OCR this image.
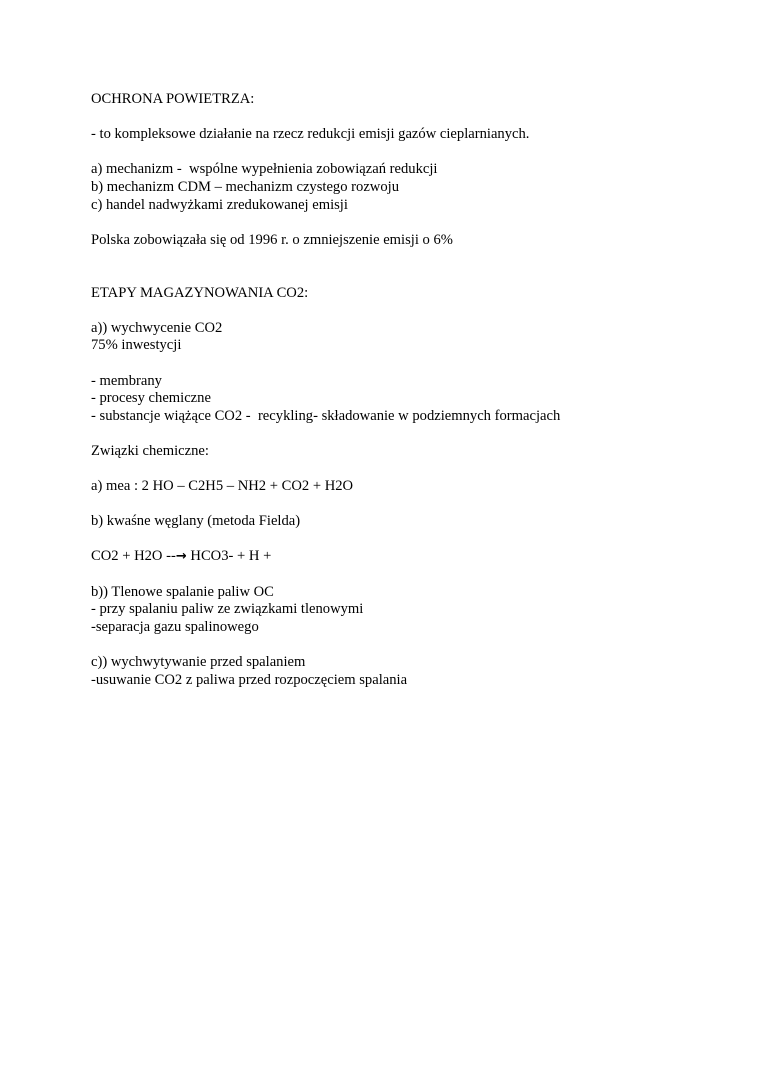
OCHRONA POWIETRZA:
- to kompleksowe działanie na rzecz redukcji emisji gazów cieplarnianych.
a) mechanizm -  wspólne wypełnienia zobowiązań redukcji
b) mechanizm CDM – mechanizm czystego rozwoju
c) handel nadwyżkami zredukowanej emisji
Polska zobowiązała się od 1996 r. o zmniejszenie emisji o 6%
ETAPY MAGAZYNOWANIA CO2:
a)) wychwycenie CO2
75% inwestycji
- membrany
- procesy chemiczne
- substancje wiążące CO2 -  recykling- składowanie w podziemnych formacjach
Związki chemiczne:
a) mea : 2 HO – C2H5 – NH2 + CO2 + H2O
b) kwaśne węglany (metoda Fielda)
CO2 + H2O --→ HCO3- + H +
b)) Tlenowe spalanie paliw OC
- przy spalaniu paliw ze związkami tlenowymi
-separacja gazu spalinowego
c)) wychwytywanie przed spalaniem
-usuwanie CO2 z paliwa przed rozpoczęciem spalania
